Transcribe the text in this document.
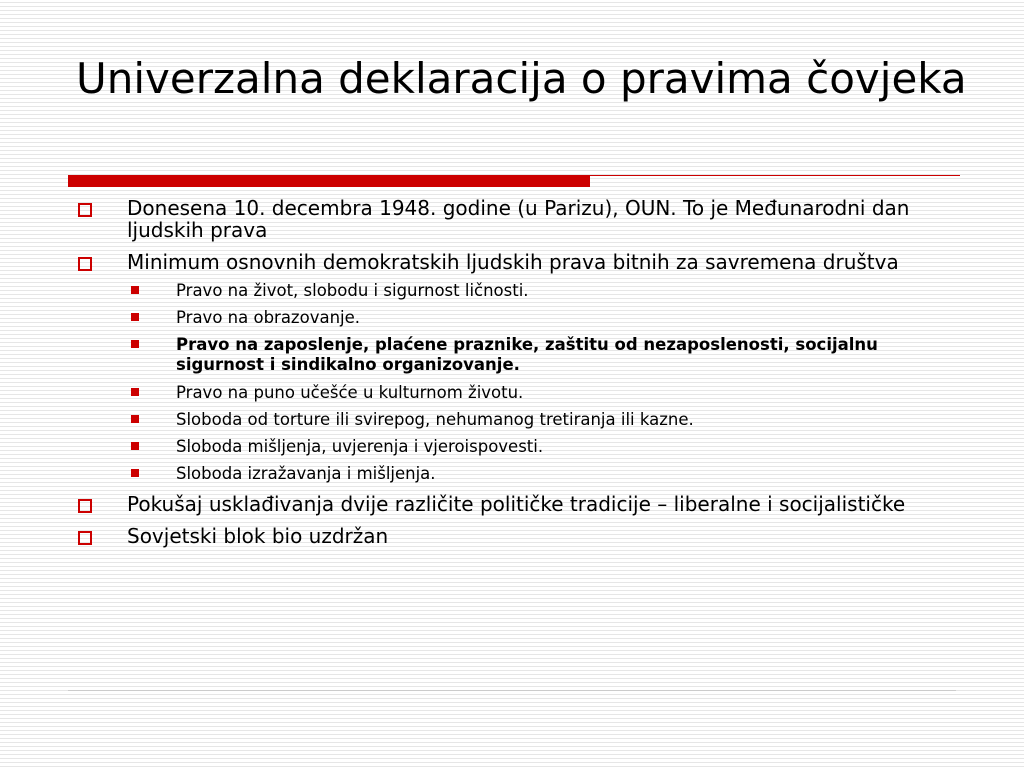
Univerzalna deklaracija o pravima čovjeka
Donesena 10. decembra 1948. godine (u Parizu), OUN. To je Međunarodni dan ljudskih prava
Minimum osnovnih demokratskih ljudskih prava bitnih za savremena društva
Pravo na život, slobodu i sigurnost ličnosti.
Pravo na obrazovanje.
Pravo na zaposlenje, plaćene praznike, zaštitu od nezaposlenosti, socijalnu sigurnost i sindikalno organizovanje.
Pravo na puno učešće u kulturnom životu.
Sloboda od torture ili svirepog, nehumanog tretiranja ili kazne.
Sloboda mišljenja, uvjerenja i vjeroispovesti.
Sloboda izražavanja i mišljenja.
Pokušaj usklađivanja dvije različite političke tradicije – liberalne i socijalističke
Sovjetski blok bio uzdržan
